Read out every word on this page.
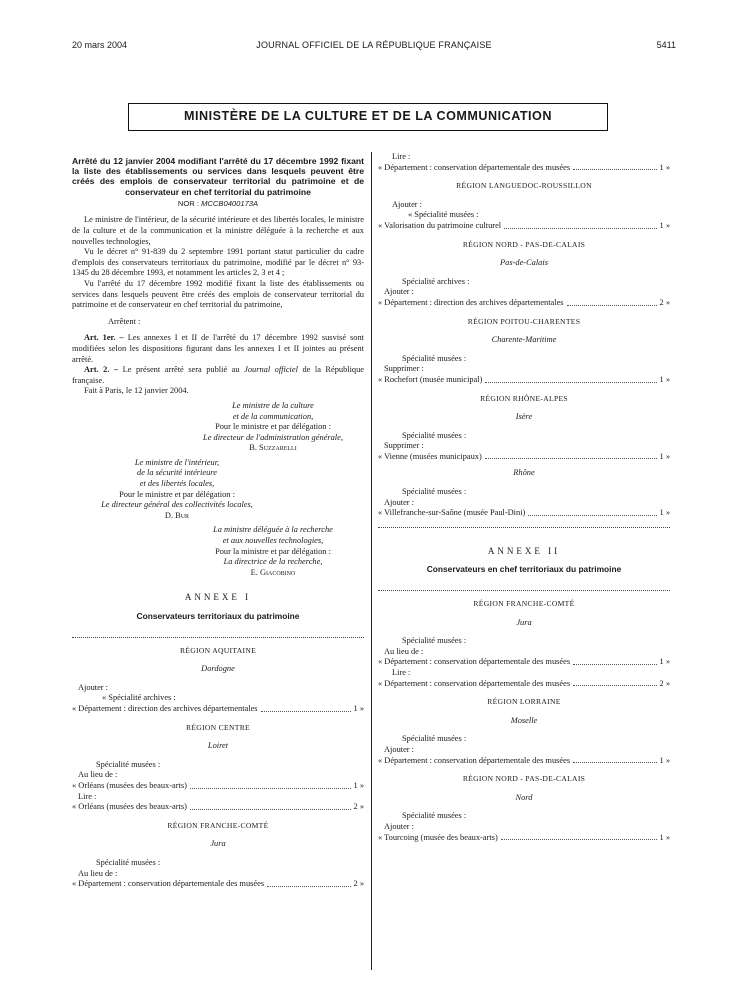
20 mars 2004	JOURNAL OFFICIEL DE LA RÉPUBLIQUE FRANÇAISE	5411
MINISTÈRE DE LA CULTURE ET DE LA COMMUNICATION

Arrêté du 12 janvier 2004 modifiant l'arrêté du 17 décembre 1992 fixant la liste des établissements ou services dans lesquels peuvent être créés des emplois de conservateur territorial du patrimoine et de conservateur en chef territorial du patrimoine

NOR : MCCB0400173A

Le ministre de l'intérieur, de la sécurité intérieure et des libertés locales, le ministre de la culture et de la communication et la ministre déléguée à la recherche et aux nouvelles technologies,

Vu le décret n° 91-839 du 2 septembre 1991 portant statut particulier du cadre d'emplois des conservateurs territoriaux du patrimoine, modifié par le décret n° 93-1345 du 28 décembre 1993, et notamment les articles 2, 3 et 4 ;

Vu l'arrêté du 17 décembre 1992 modifié fixant la liste des établissements ou services dans lesquels peuvent être créés des emplois de conservateur territorial du patrimoine et de conservateur en chef territorial du patrimoine,

Arrêtent :

Art. 1er. – Les annexes I et II de l'arrêté du 17 décembre 1992 susvisé sont modifiées selon les dispositions figurant dans les annexes I et II jointes au présent arrêté.

Art. 2. – Le présent arrêté sera publié au Journal officiel de la République française.

Fait à Paris, le 12 janvier 2004.

Le ministre de la culture

et de la communication,

Pour le ministre et par délégation :

Le directeur de l'administration générale,

B. Suzzarelli

Le ministre de l'intérieur,

de la sécurité intérieure

et des libertés locales,

Pour le ministre et par délégation :

Le directeur général des collectivités locales,

D. Bur

La ministre déléguée à la recherche

et aux nouvelles technologies,

Pour la ministre et par délégation :

La directrice de la recherche,

E. Giacobino

ANNEXE I

Conservateurs territoriaux du patrimoine

RÉGION AQUITAINE

Dordogne

Ajouter :

« Spécialité archives :

« Département : direction des archives départementales	1 »

RÉGION CENTRE

Loiret

Spécialité musées :

Au lieu de :

« Orléans (musées des beaux-arts)	1 »

Lire :

« Orléans (musées des beaux-arts)	2 »

RÉGION FRANCHE-COMTÉ

Jura

Spécialité musées :

Au lieu de :

« Département : conservation départementale des musées	2 »

Lire :

« Département : conservation départementale des musées	1 »

RÉGION LANGUEDOC-ROUSSILLON

Ajouter :

« Spécialité musées :

« Valorisation du patrimoine culturel	1 »

RÉGION NORD - PAS-DE-CALAIS

Pas-de-Calais

Spécialité archives :

Ajouter :

« Département : direction des archives départementales	2 »

RÉGION POITOU-CHARENTES

Charente-Maritime

Spécialité musées :

Supprimer :

« Rochefort (musée municipal)	1 »

RÉGION RHÔNE-ALPES

Isère

Spécialité musées :

Supprimer :

« Vienne (musées municipaux)	1 »

Rhône

Spécialité musées :

Ajouter :

« Villefranche-sur-Saône (musée Paul-Dini)	1 »

ANNEXE II

Conservateurs en chef territoriaux du patrimoine

RÉGION FRANCHE-COMTÉ

Jura

Spécialité musées :

Au lieu de :

« Département : conservation départementale des musées	1 »

Lire :

« Département : conservation départementale des musées	2 »

RÉGION LORRAINE

Moselle

Spécialité musées :

Ajouter :

« Département : conservation départementale des musées	1 »

RÉGION NORD - PAS-DE-CALAIS

Nord

Spécialité musées :

Ajouter :

« Tourcoing (musée des beaux-arts)	1 »
